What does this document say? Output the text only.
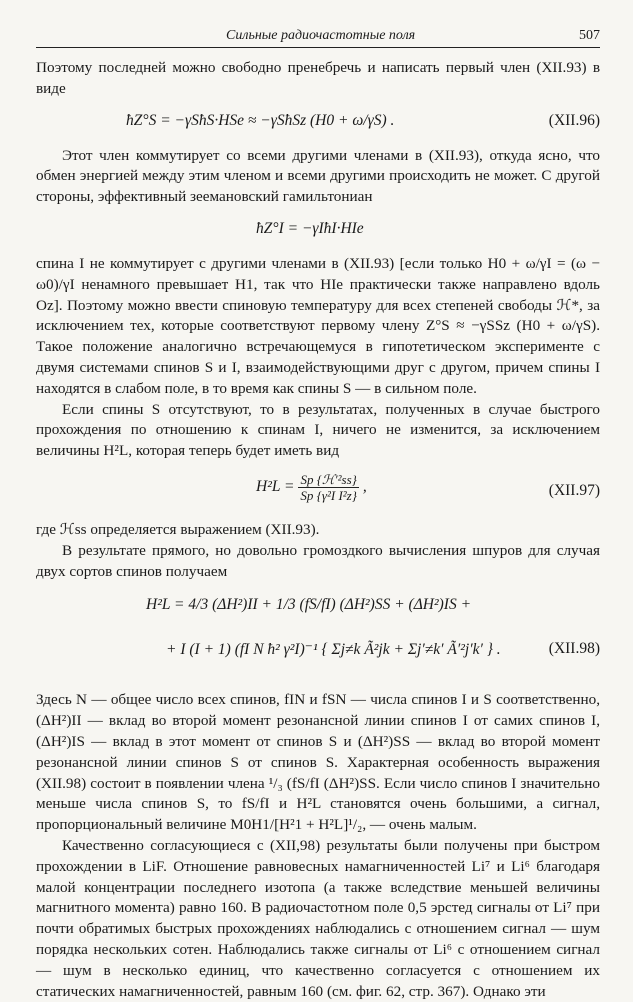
Сильные радиочастотные поля	507

Поэтому последней можно свободно пренебречь и написать первый член (XII.93) в виде

ħZ°S = −γSħS·HSe ≈ −γSħSz (H0 + ω/γS) .	(XII.96)

Этот член коммутирует со всеми другими членами в (XII.93), откуда ясно, что обмен энергией между этим членом и всеми другими происходить не может. С другой стороны, эффективный зеемановский гамильтониан

ħZ°I = −γIħI·HIe

спина I не коммутирует с другими членами в (XII.93) [если только H0 + ω/γI = (ω − ω0)/γI ненамного превышает H1, так что HIe практически также направлено вдоль Oz]. Поэтому можно ввести спиновую температуру для всех степеней свободы ℋ*, за исключением тех, которые соответствуют первому члену Z°S ≈ −γSSz (H0 + ω/γS). Такое положение аналогично встречающемуся в гипотетическом эксперименте с двумя системами спинов S и I, взаимодействующими друг с другом, причем спины I находятся в слабом поле, в то время как спины S — в сильном поле.

Если спины S отсутствуют, то в результатах, полученных в случае быстрого прохождения по отношению к спинам I, ничего не изменится, за исключением величины H²L, которая теперь будет иметь вид

$H^2L = \frac{\text{Sp \{ℋ′²ss\}}}{\text{Sp \{γ²I I²z\}}}$ ,	(XII.97)

где ℋss определяется выражением (XII.93).

В результате прямого, но довольно громоздкого вычисления шпуров для случая двух сортов спинов получаем

H²L = 4/3 (ΔH²)II + 1/3 (fS/fI) (ΔH²)SS + (ΔH²)IS +
+ I (I + 1) (fI N ħ² γ²I)⁻¹ { Σj≠k Ã²jk + Σj′≠k′ Ã′²j′k′ } .	(XII.98)

Здесь N — общее число всех спинов, fIN и fSN — числа спинов I и S соответственно, (ΔH²)II — вклад во второй момент резонансной линии спинов I от самих спинов I, (ΔH²)IS — вклад в этот момент от спинов S и (ΔH²)SS — вклад во второй момент резонансной линии спинов S от спинов S. Характерная особенность выражения (XII.98) состоит в появлении члена ¹/₃ (fS/fI (ΔH²)SS. Если число спинов I значительно меньше числа спинов S, то fS/fI и H²L становятся очень большими, а сигнал, пропорциональный величине M0H1/[H²1 + H²L]¹/₂, — очень малым.

Качественно согласующиеся с (XII,98) результаты были получены при быстром прохождении в LiF. Отношение равновесных намагниченностей Li⁷ и Li⁶ благодаря малой концентрации последнего изотопа (а также вследствие меньшей величины магнитного момента) равно 160. В радиочастотном поле 0,5 эрстед сигналы от Li⁷ при почти обратимых быстрых прохождениях наблюдались с отношением сигнал — шум порядка нескольких сотен. Наблюдались также сигналы от Li⁶ с отношением сигнал — шум в несколько единиц, что качественно согласуется с отношением их статических намагниченностей, равным 160 (см. фиг. 62, стр. 367). Однако эти
